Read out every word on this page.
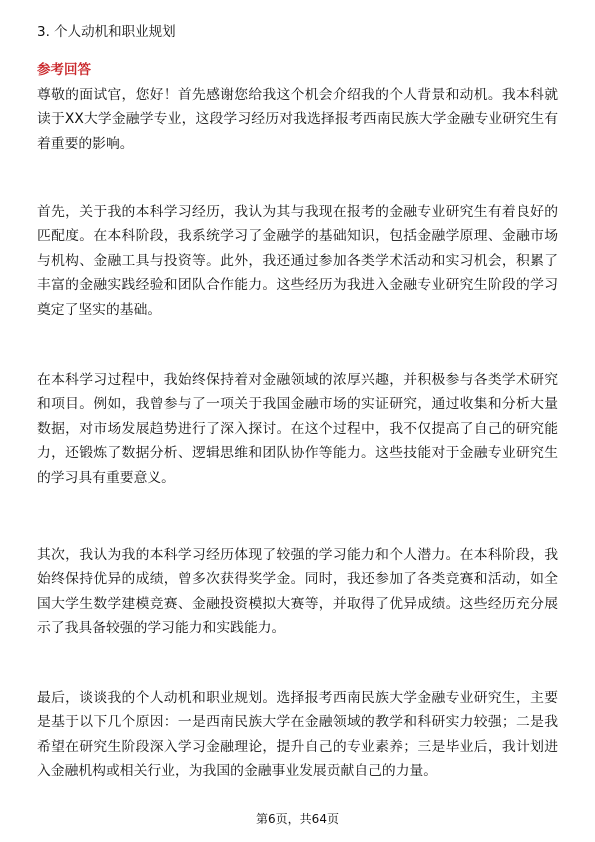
3. 个人动机和职业规划
参考回答

尊敬的面试官，您好！首先感谢您给我这个机会介绍我的个人背景和动机。我本科就读于XX大学金融学专业，这段学习经历对我选择报考西南民族大学金融专业研究生有着重要的影响。

首先，关于我的本科学习经历，我认为其与我现在报考的金融专业研究生有着良好的匹配度。在本科阶段，我系统学习了金融学的基础知识，包括金融学原理、金融市场与机构、金融工具与投资等。此外，我还通过参加各类学术活动和实习机会，积累了丰富的金融实践经验和团队合作能力。这些经历为我进入金融专业研究生阶段的学习奠定了坚实的基础。

在本科学习过程中，我始终保持着对金融领域的浓厚兴趣，并积极参与各类学术研究和项目。例如，我曾参与了一项关于我国金融市场的实证研究，通过收集和分析大量数据，对市场发展趋势进行了深入探讨。在这个过程中，我不仅提高了自己的研究能力，还锻炼了数据分析、逻辑思维和团队协作等能力。这些技能对于金融专业研究生的学习具有重要意义。

其次，我认为我的本科学习经历体现了较强的学习能力和个人潜力。在本科阶段，我始终保持优异的成绩，曾多次获得奖学金。同时，我还参加了各类竞赛和活动，如全国大学生数学建模竞赛、金融投资模拟大赛等，并取得了优异成绩。这些经历充分展示了我具备较强的学习能力和实践能力。

最后，谈谈我的个人动机和职业规划。选择报考西南民族大学金融专业研究生，主要是基于以下几个原因：一是西南民族大学在金融领域的教学和科研实力较强；二是我希望在研究生阶段深入学习金融理论，提升自己的专业素养；三是毕业后，我计划进入金融机构或相关行业，为我国的金融事业发展贡献自己的力量。

第6页，共64页
